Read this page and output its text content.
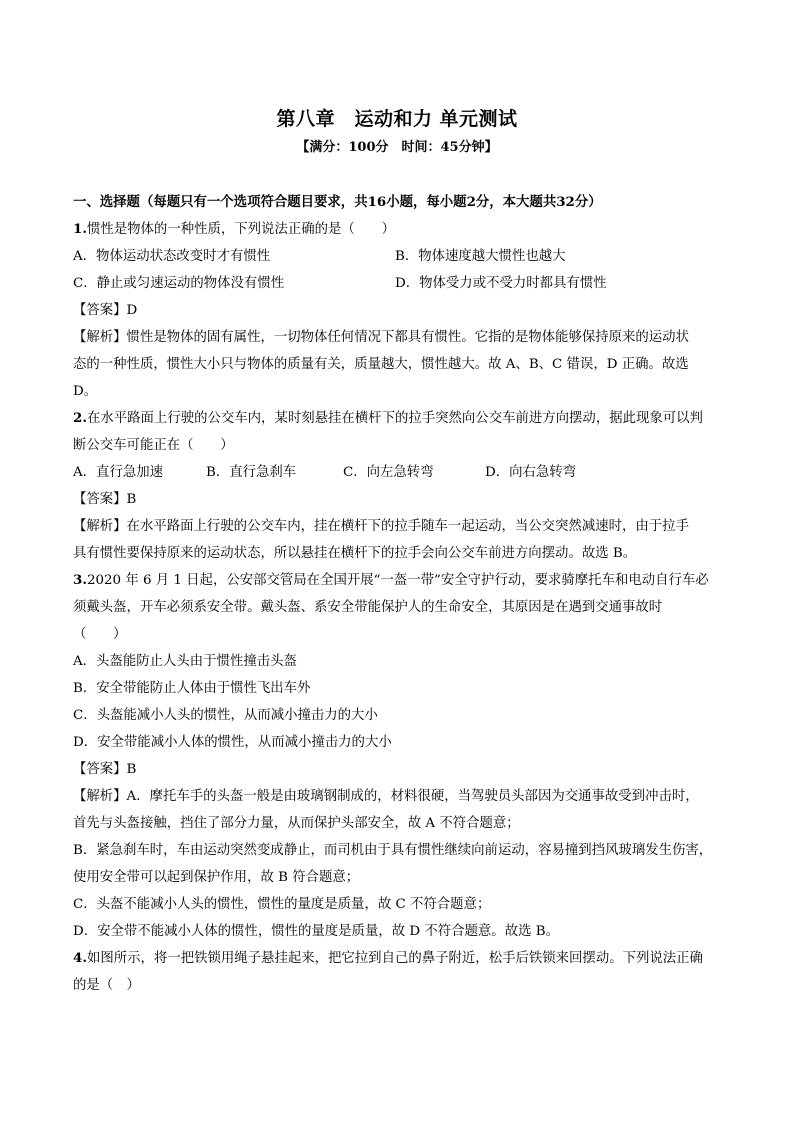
第八章　运动和力 单元测试
【满分：100分　时间：45分钟】
一、选择题（每题只有一个选项符合题目要求，共16小题，每小题2分，本大题共32分）
1.惯性是物体的一种性质，下列说法正确的是（　　）
A．物体运动状态改变时才有惯性	B．物体速度越大惯性也越大
C．静止或匀速运动的物体没有惯性	D．物体受力或不受力时都具有惯性
【答案】D
【解析】惯性是物体的固有属性，一切物体任何情况下都具有惯性。它指的是物体能够保持原来的运动状
态的一种性质，惯性大小只与物体的质量有关，质量越大，惯性越大。故 A、B、C 错误，D 正确。故选
D。
2.在水平路面上行驶的公交车内，某时刻悬挂在横杆下的拉手突然向公交车前进方向摆动，据此现象可以判
断公交车可能正在（　　）
A．直行急加速	B．直行急刹车	C．向左急转弯	D．向右急转弯
【答案】B
【解析】在水平路面上行驶的公交车内，挂在横杆下的拉手随车一起运动，当公交突然减速时，由于拉手
具有惯性要保持原来的运动状态，所以悬挂在横杆下的拉手会向公交车前进方向摆动。故选 B。
3.2020 年 6 月 1 日起，公安部交管局在全国开展“一盔一带”安全守护行动，要求骑摩托车和电动自行车必
须戴头盔，开车必须系安全带。戴头盔、系安全带能保护人的生命安全，其原因是在遇到交通事故时
（　　）
A．头盔能防止人头由于惯性撞击头盔
B．安全带能防止人体由于惯性飞出车外
C．头盔能减小人头的惯性，从而减小撞击力的大小
D．安全带能减小人体的惯性，从而减小撞击力的大小
【答案】B
【解析】A．摩托车手的头盔一般是由玻璃钢制成的，材料很硬，当驾驶员头部因为交通事故受到冲击时，
首先与头盔接触，挡住了部分力量，从而保护头部安全，故 A 不符合题意；
B．紧急刹车时，车由运动突然变成静止，而司机由于具有惯性继续向前运动，容易撞到挡风玻璃发生伤害，
使用安全带可以起到保护作用，故 B 符合题意；
C．头盔不能减小人头的惯性，惯性的量度是质量，故 C 不符合题意；
D．安全带不能减小人体的惯性，惯性的量度是质量，故 D 不符合题意。故选 B。
4.如图所示，将一把铁锁用绳子悬挂起来，把它拉到自己的鼻子附近，松手后铁锁来回摆动。下列说法正确
的是（　）
